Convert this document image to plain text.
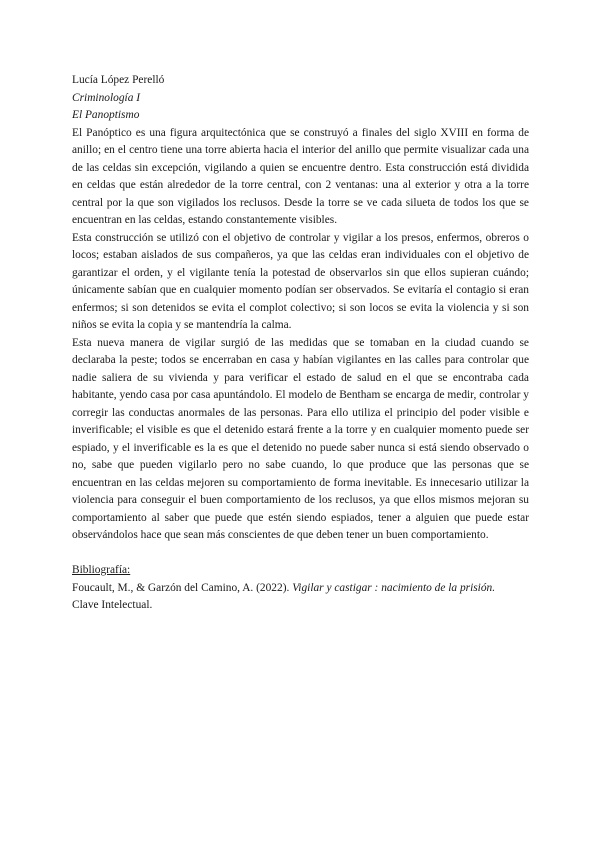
Lucía López Perelló
Criminología I
El Panoptismo

El Panóptico es una figura arquitectónica que se construyó a finales del siglo XVIII en forma de anillo; en el centro tiene una torre abierta hacia el interior del anillo que permite visualizar cada una de las celdas sin excepción, vigilando a quien se encuentre dentro. Esta construcción está dividida en celdas que están alrededor de la torre central, con 2 ventanas: una al exterior y otra a la torre central por la que son vigilados los reclusos. Desde la torre se ve cada silueta de todos los que se encuentran en las celdas, estando constantemente visibles.

Esta construcción se utilizó con el objetivo de controlar y vigilar a los presos, enfermos, obreros o locos; estaban aislados de sus compañeros, ya que las celdas eran individuales con el objetivo de garantizar el orden, y el vigilante tenía la potestad de observarlos sin que ellos supieran cuándo; únicamente sabían que en cualquier momento podían ser observados. Se evitaría el contagio si eran enfermos; si son detenidos se evita el complot colectivo; si son locos se evita la violencia y si son niños se evita la copia y se mantendría la calma.

Esta nueva manera de vigilar surgió de las medidas que se tomaban en la ciudad cuando se declaraba la peste; todos se encerraban en casa y habían vigilantes en las calles para controlar que nadie saliera de su vivienda y para verificar el estado de salud en el que se encontraba cada habitante, yendo casa por casa apuntándolo. El modelo de Bentham se encarga de medir, controlar y corregir las conductas anormales de las personas. Para ello utiliza el principio del poder visible e inverificable; el visible es que el detenido estará frente a la torre y en cualquier momento puede ser espiado, y el inverificable es la es que el detenido no puede saber nunca si está siendo observado o no, sabe que pueden vigilarlo pero no sabe cuando, lo que produce que las personas que se encuentran en las celdas mejoren su comportamiento de forma inevitable. Es innecesario utilizar la violencia para conseguir el buen comportamiento de los reclusos, ya que ellos mismos mejoran su comportamiento al saber que puede que estén siendo espiados, tener a alguien que puede estar observándolos hace que sean más conscientes de que deben tener un buen comportamiento.

Bibliografía:

Foucault, M., & Garzón del Camino, A. (2022). Vigilar y castigar : nacimiento de la prisión.
Clave Intelectual.
